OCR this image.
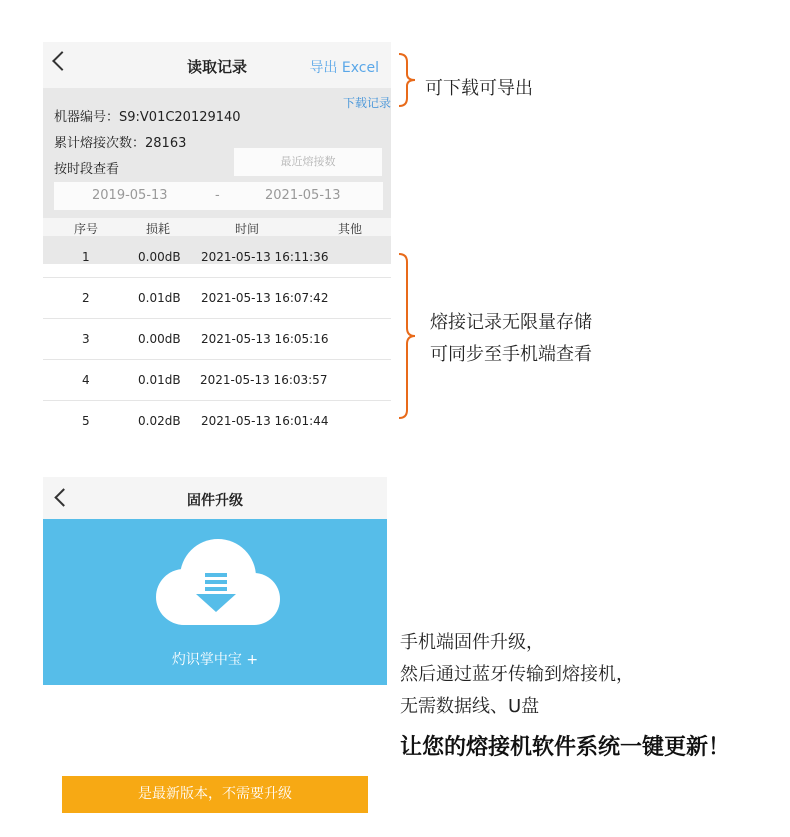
读取记录	导出 Excel
下载记录
机器编号：S9:V01C20129140
累计熔接次数：28163
按时段查看
最近熔接数
2019-05-13	-	2021-05-13
序号	损耗	时间	其他
1	0.00dB 2021-05-13 16:11:36
2	0.01dB 2021-05-13 16:07:42
3	0.00dB 2021-05-13 16:05:16
4	0.01dB 2021-05-13 16:03:57
5	0.02dB 2021-05-13 16:01:44
可下载可导出
熔接记录无限量存储
可同步至手机端查看
固件升级
灼识掌中宝 +
是最新版本，不需要升级
手机端固件升级，
然后通过蓝牙传输到熔接机，
无需数据线、U盘
让您的熔接机软件系统一键更新！
